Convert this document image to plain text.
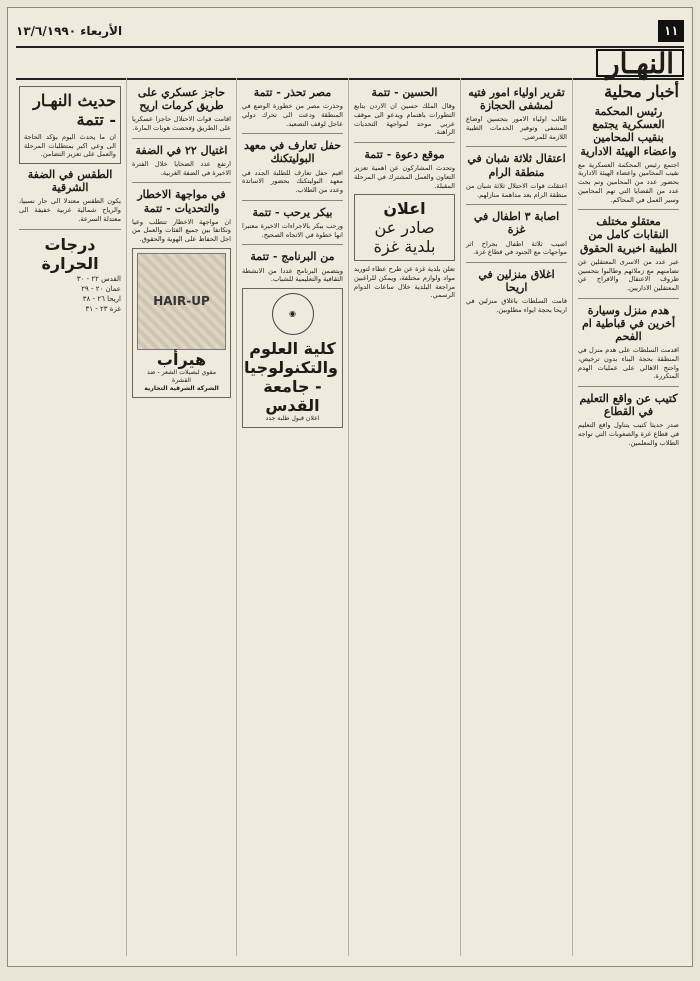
١١
الأربعاء ١٣/٦/١٩٩٠
النهـار
أخبار محلية
رئيس المحكمة العسكرية يجتمع بنقيب المحامين واعضاء الهيئة الادارية
اجتمع رئيس المحكمة العسكرية مع نقيب المحامين واعضاء الهيئة الادارية بحضور عدد من المحامين وتم بحث عدد من القضايا التي تهم المحامين وسير العمل في المحاكم.
معتقلو مختلف النقابات كامل من الطيبة اخبرية الحقوق
عبر عدد من الاسرى المعتقلين عن تضامنهم مع زملائهم وطالبوا بتحسين ظروف الاعتقال والافراج عن المعتقلين الاداريين.
هدم منزل وسيارة أخرين في قباطية ام الفحم
اقدمت السلطات على هدم منزل في المنطقة بحجة البناء بدون ترخيص، واحتج الاهالي على عمليات الهدم المتكررة.
كتيب عن واقع التعليم في القطاع
صدر حديثا كتيب يتناول واقع التعليم في قطاع غزة والصعوبات التي تواجه الطلاب والمعلمين.
تقرير اولياء امور فتيه لمشفى الحجازة
طالب اولياء الامور بتحسين اوضاع المشفى وتوفير الخدمات الطبية اللازمة للمرضى.
اعتقال ثلاثة شبان في منطقة الرام
اعتقلت قوات الاحتلال ثلاثة شبان من منطقة الرام بعد مداهمة منازلهم.
اصابة ٣ اطفال في غزة
اصيب ثلاثة اطفال بجراح اثر مواجهات مع الجنود في قطاع غزة.
اغلاق منزلين في اريحا
قامت السلطات باغلاق منزلين في اريحا بحجة ايواء مطلوبين.
الحسين - تتمة
وقال الملك حسين ان الاردن يتابع التطورات باهتمام ويدعو الى موقف عربي موحد لمواجهة التحديات الراهنة.
موقع دعوة - تتمة
وتحدث المشاركون عن اهمية تعزيز التعاون والعمل المشترك في المرحلة المقبلة.
اعلان
صادر عن بلدية غزة
تعلن بلدية غزة عن طرح عطاء لتوريد مواد ولوازم مختلفة، ويمكن للراغبين مراجعة البلدية خلال ساعات الدوام الرسمي.
مصر تحذر - تتمة
وحذرت مصر من خطورة الوضع في المنطقة ودعت الى تحرك دولي عاجل لوقف التصعيد.
حفل تعارف في معهد البوليتكنك
اقيم حفل تعارف للطلبة الجدد في معهد البوليتكنك بحضور الاساتذة وعدد من الطلاب.
بيكر يرحب - تتمة
ورحب بيكر بالاجراءات الاخيرة معتبرا انها خطوة في الاتجاه الصحيح.
من البرنامج - تتمة
ويتضمن البرنامج عددا من الانشطة الثقافية والتعليمية للشباب.
◉
كلية العلوم والتكنولوجيا - جامعة القدس
اعلان قبول طلبة جدد
حاجز عسكري على طريق كرمات اريح
اقامت قوات الاحتلال حاجزا عسكريا على الطريق وفحصت هويات المارة.
اغتيال ٢٢ في الضفة
ارتفع عدد الضحايا خلال الفترة الاخيرة في الضفة الغربية.
في مواجهة الاخطار والتحديات - تتمة
ان مواجهة الاخطار تتطلب وعيا وتكاتفا بين جميع الفئات والعمل من اجل الحفاظ على الهوية والحقوق.
HAIR-UP
هيرأب
مقوي لبصيلات الشعر - ضد القشرة
الشركة الشرقية التجارية
حديث النهـار - تتمة
ان ما يحدث اليوم يؤكد الحاجة الى وعي اكبر بمتطلبات المرحلة والعمل على تعزيز التضامن.
الطقس في الضفة الشرقية
يكون الطقس معتدلا الى حار نسبيا، والرياح شمالية غربية خفيفة الى معتدلة السرعة.
درجات الحرارة
القدس ٢٢ - ٣٠
عمان ٢٠ - ٢٩
اريحا ٢٦ - ٣٨
غزة ٢٣ - ٣١
